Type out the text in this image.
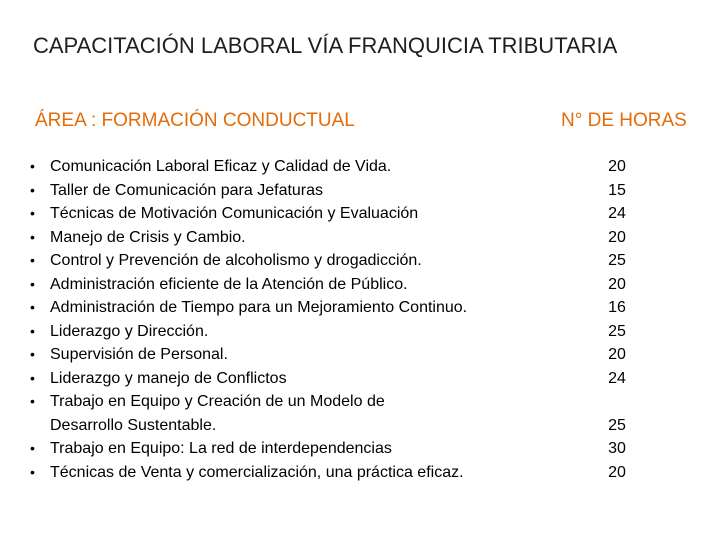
CAPACITACIÓN LABORAL VÍA FRANQUICIA TRIBUTARIA
ÁREA : FORMACIÓN CONDUCTUAL	N° DE HORAS
• Comunicación Laboral Eficaz y Calidad de Vida.	20
• Taller de Comunicación para Jefaturas	15
• Técnicas de Motivación Comunicación y Evaluación	24
• Manejo de Crisis y Cambio.	20
• Control y Prevención de alcoholismo y drogadicción.	25
• Administración eficiente de la Atención de Público.	20
• Administración de Tiempo para un Mejoramiento Continuo.	16
• Liderazgo y Dirección.	25
• Supervisión de Personal.	20
• Liderazgo y manejo de Conflictos	24
• Trabajo en Equipo y Creación de un Modelo de
Desarrollo Sustentable.	25
• Trabajo en Equipo: La red de interdependencias	30
• Técnicas de Venta y comercialización, una práctica eficaz.	20
